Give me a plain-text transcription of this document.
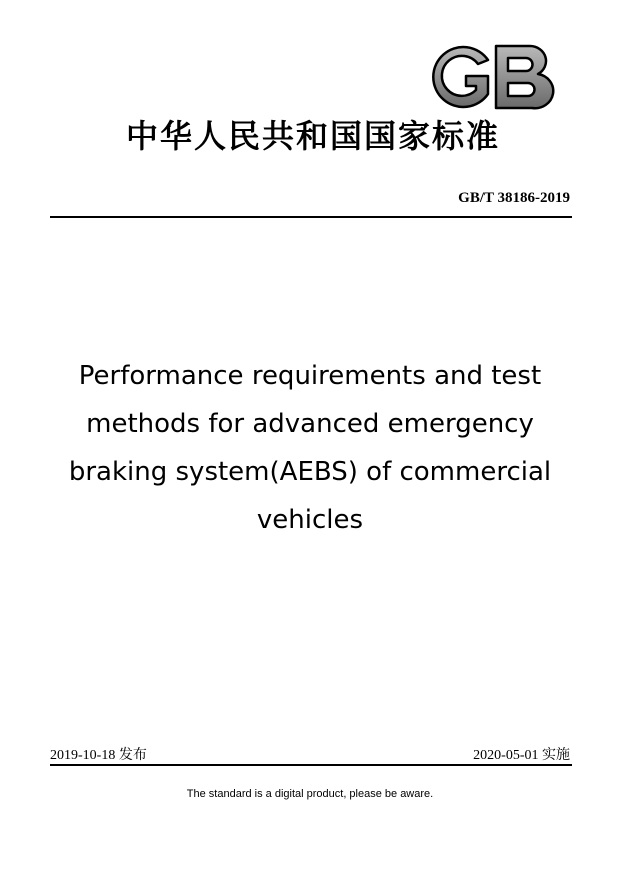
中华人民共和国国家标准
GB/T 38186-2019
Performance requirements and test
methods for advanced emergency
braking system(AEBS) of commercial
vehicles
2019-10-18 发布	2020-05-01 实施
The standard is a digital product, please be aware.
